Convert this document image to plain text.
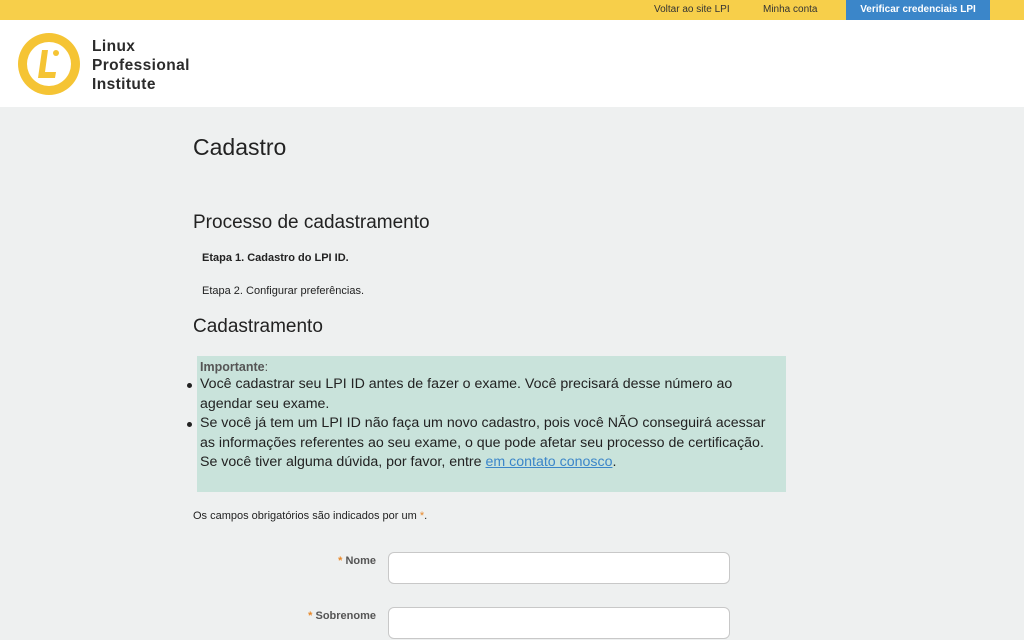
Voltar ao site LPI	Minha conta	Verificar credenciais LPI
Linux
Professional
Institute
Cadastro
Processo de cadastramento
Etapa 1. Cadastro do LPI ID.
Etapa 2. Configurar preferências.
Cadastramento
Importante:
Você cadastrar seu LPI ID antes de fazer o exame. Você precisará desse número ao agendar seu exame.
Se você já tem um LPI ID não faça um novo cadastro, pois você NÃO conseguirá acessar as informações referentes ao seu exame, o que pode afetar seu processo de certificação. Se você tiver alguma dúvida, por favor, entre em contato conosco.
Os campos obrigatórios são indicados por um *.
* Nome
* Sobrenome
